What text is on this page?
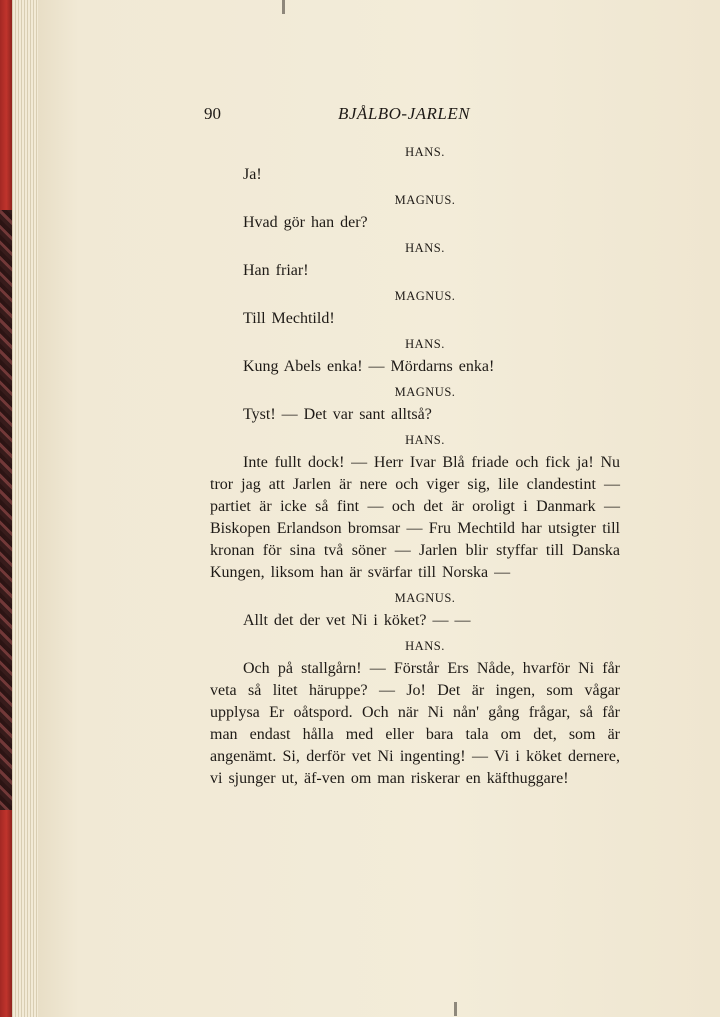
90	BJÅLBO-JARLEN
HANS.
Ja!
MAGNUS.
Hvad gör han der?
HANS.
Han friar!
MAGNUS.
Till Mechtild!
HANS.
Kung Abels enka! — Mördarns enka!
MAGNUS.
Tyst! — Det var sant alltså?
HANS.
Inte fullt dock! — Herr Ivar Blå friade och fick ja! Nu tror jag att Jarlen är nere och viger sig, lile clandestint — partiet är icke så fint — och det är oroligt i Danmark — Biskopen Erlandson bromsar — Fru Mechtild har utsigter till kronan för sina två söner — Jarlen blir styffar till Danska Kungen, liksom han är svärfar till Norska —
MAGNUS.
Allt det der vet Ni i köket? — —
HANS.
Och på stallgårn! — Förstår Ers Nåde, hvarför Ni får veta så litet häruppe? — Jo! Det är ingen, som vågar upplysa Er oåtspord. Och när Ni nån' gång frågar, så får man endast hålla med eller bara tala om det, som är angenämt. Si, derför vet Ni ingenting! — Vi i köket dernere, vi sjunger ut, äf-ven om man riskerar en käfthuggare!
